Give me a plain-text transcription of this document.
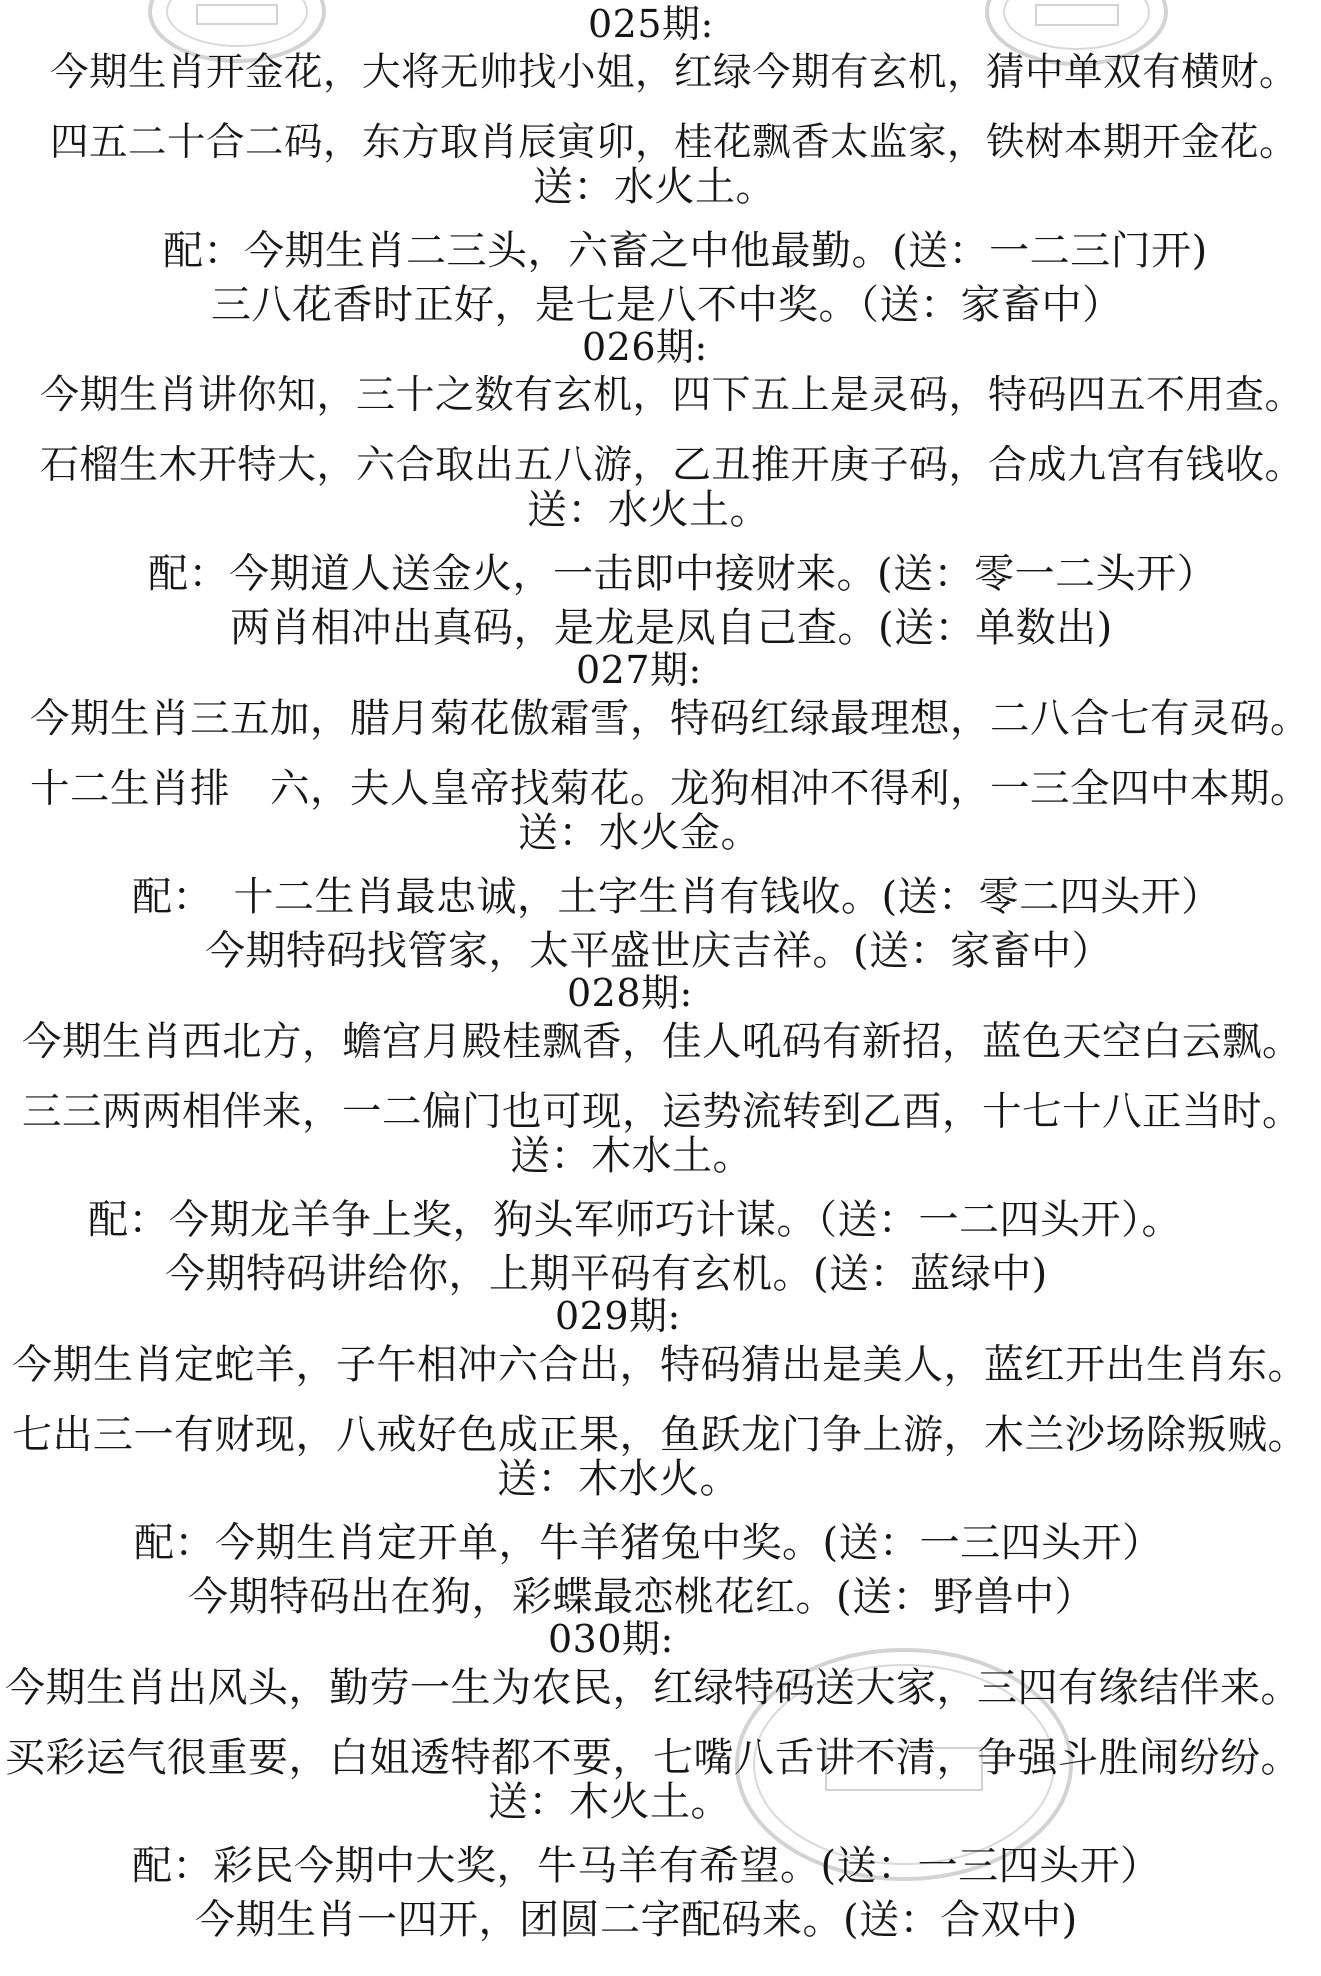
025期:
今期生肖开金花，大将无帅找小姐，红绿今期有玄机，猜中单双有横财。
四五二十合二码，东方取肖辰寅卯，桂花飘香太监家，铁树本期开金花。
送：水火土。
配：今期生肖二三头，六畜之中他最勤。(送：一二三门开)
三八花香时正好，是七是八不中奖。（送：家畜中）
026期:
今期生肖讲你知，三十之数有玄机，四下五上是灵码，特码四五不用查。
石榴生木开特大，六合取出五八游，乙丑推开庚子码，合成九宫有钱收。
送：水火土。
配：今期道人送金火，一击即中接财来。(送：零一二头开）
两肖相冲出真码，是龙是凤自己查。(送：单数出)
027期:
今期生肖三五加，腊月菊花傲霜雪，特码红绿最理想，二八合七有灵码。
十二生肖排　六，夫人皇帝找菊花。龙狗相冲不得利，一三全四中本期。
送：水火金。
配：　十二生肖最忠诚，土字生肖有钱收。(送：零二四头开）
今期特码找管家，太平盛世庆吉祥。(送：家畜中）
028期:
今期生肖西北方，蟾宫月殿桂飘香，佳人吼码有新招，蓝色天空白云飘。
三三两两相伴来，一二偏门也可现，运势流转到乙酉，十七十八正当时。
送：木水土。
配：今期龙羊争上奖，狗头军师巧计谋。（送：一二四头开）。
今期特码讲给你，上期平码有玄机。(送：蓝绿中)
029期:
今期生肖定蛇羊，子午相冲六合出，特码猜出是美人，蓝红开出生肖东。
七出三一有财现，八戒好色成正果，鱼跃龙门争上游，木兰沙场除叛贼。
送：木水火。
配：今期生肖定开单，牛羊猪兔中奖。(送：一三四头开）
今期特码出在狗，彩蝶最恋桃花红。(送：野兽中）
030期:
今期生肖出风头，勤劳一生为农民，红绿特码送大家，三四有缘结伴来。
买彩运气很重要，白姐透特都不要，七嘴八舌讲不清，争强斗胜闹纷纷。
送：木火土。
配：彩民今期中大奖，牛马羊有希望。(送：一三四头开）
今期生肖一四开，团圆二字配码来。(送：合双中)
